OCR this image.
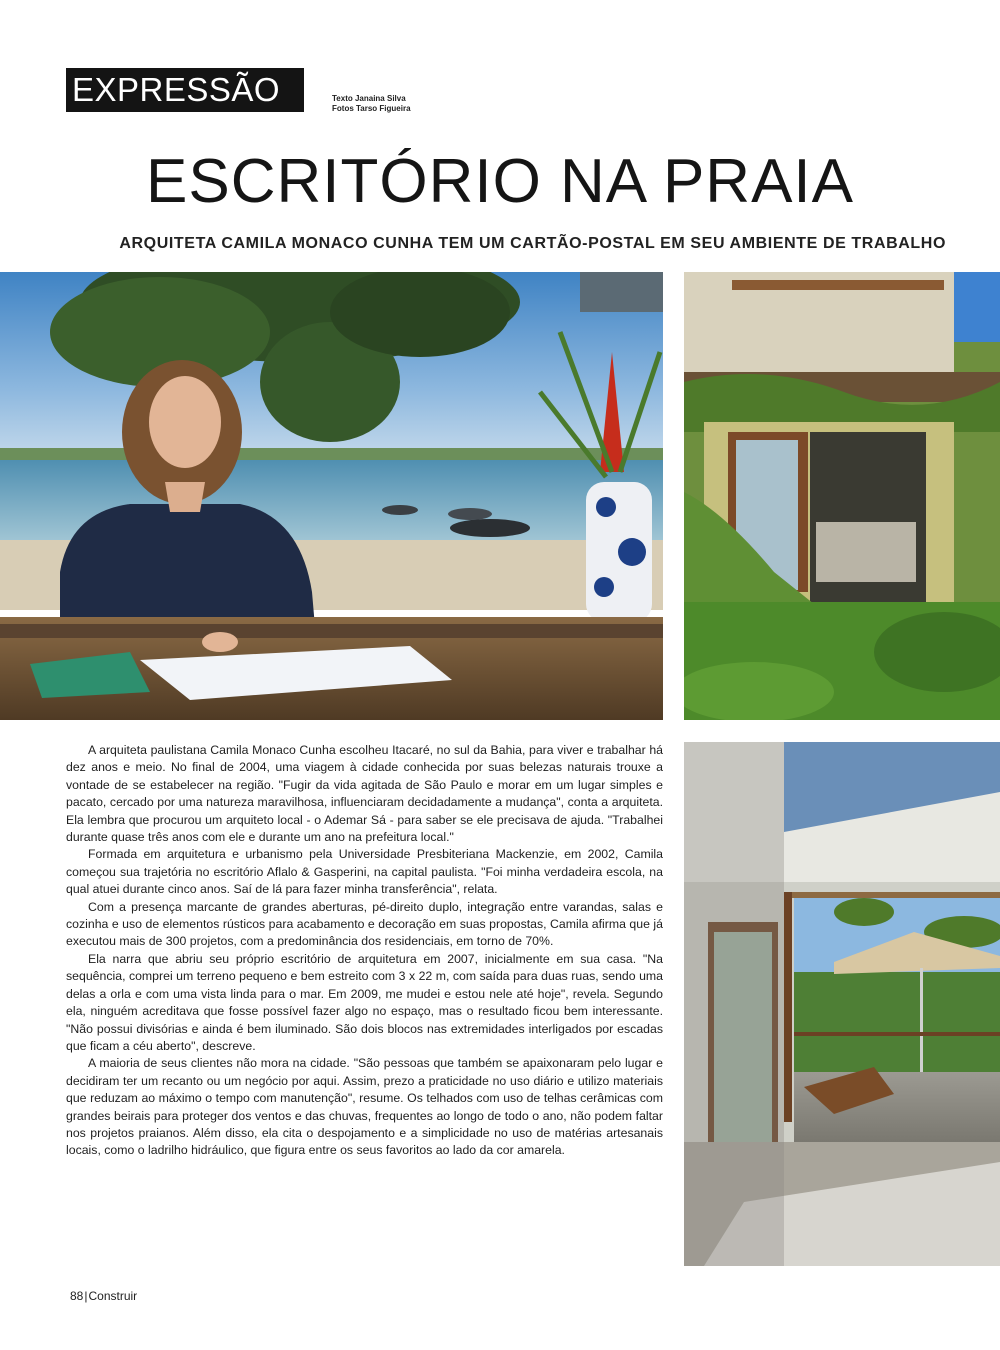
EXPRESSÃO	Texto Janaina Silva
Fotos Tarso Figueira
ESCRITÓRIO NA PRAIA
ARQUITETA CAMILA MONACO CUNHA TEM UM CARTÃO-POSTAL EM SEU AMBIENTE DE TRABALHO

A arquiteta paulistana Camila Monaco Cunha escolheu Itacaré, no sul da Bahia, para viver e trabalhar há dez anos e meio. No final de 2004, uma viagem à cidade conhecida por suas belezas naturais trouxe a vontade de se estabelecer na região. "Fugir da vida agitada de São Paulo e morar em um lugar simples e pacato, cercado por uma natureza maravilhosa, influenciaram decidadamente a mudança", conta a arquiteta. Ela lembra que procurou um arquiteto local - o Ademar Sá - para saber se ele precisava de ajuda. "Trabalhei durante quase três anos com ele e durante um ano na prefeitura local."

Formada em arquitetura e urbanismo pela Universidade Presbiteriana Mackenzie, em 2002, Camila começou sua trajetória no escritório Aflalo & Gasperini, na capital paulista. "Foi minha verdadeira escola, na qual atuei durante cinco anos. Saí de lá para fazer minha transferência", relata.

Com a presença marcante de grandes aberturas, pé-direito duplo, integração entre varandas, salas e cozinha e uso de elementos rústicos para acabamento e decoração em suas propostas, Camila afirma que já executou mais de 300 projetos, com a predominância dos residenciais, em torno de 70%.

Ela narra que abriu seu próprio escritório de arquitetura em 2007, inicialmente em sua casa. "Na sequência, comprei um terreno pequeno e bem estreito com 3 x 22 m, com saída para duas ruas, sendo uma delas a orla e com uma vista linda para o mar. Em 2009, me mudei e estou nele até hoje", revela. Segundo ela, ninguém acreditava que fosse possível fazer algo no espaço, mas o resultado ficou bem interessante. "Não possui divisórias e ainda é bem iluminado. São dois blocos nas extremidades interligados por escadas que ficam a céu aberto", descreve.

A maioria de seus clientes não mora na cidade. "São pessoas que também se apaixonaram pelo lugar e decidiram ter um recanto ou um negócio por aqui. Assim, prezo a praticidade no uso diário e utilizo materiais que reduzam ao máximo o tempo com manutenção", resume. Os telhados com uso de telhas cerâmicas com grandes beirais para proteger dos ventos e das chuvas, frequentes ao longo de todo o ano, não podem faltar nos projetos praianos. Além disso, ela cita o despojamento e a simplicidade no uso de matérias artesanais locais, como o ladrilho hidráulico, que figura entre os seus favoritos ao lado da cor amarela.

88|Construir
